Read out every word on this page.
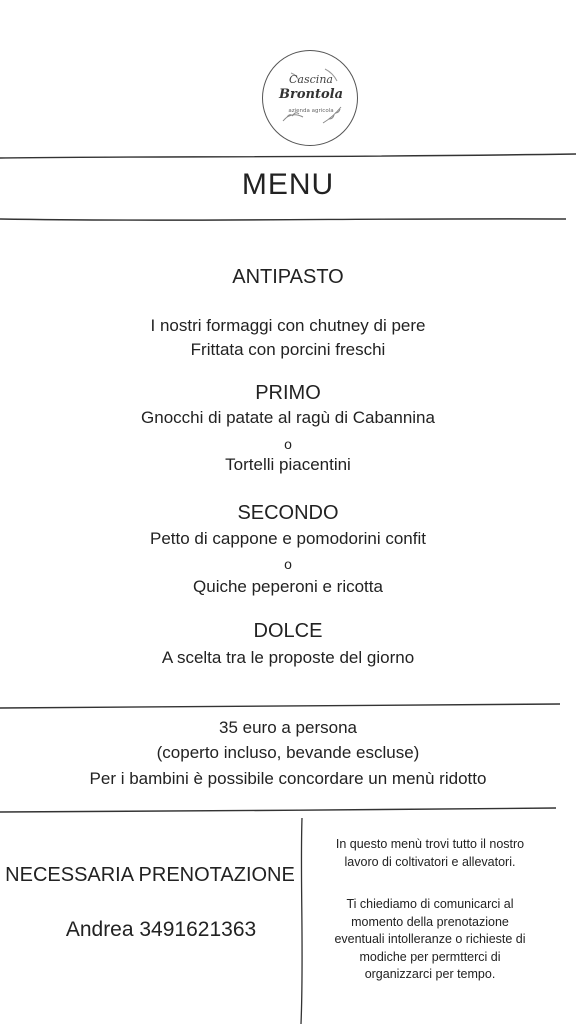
Cascina
Brontola
azienda agricola
MENU
ANTIPASTO
I nostri formaggi con chutney di pere
Frittata con porcini freschi
PRIMO
Gnocchi di patate al ragù di Cabannina
o
Tortelli piacentini
SECONDO
Petto di cappone e pomodorini confit
o
Quiche peperoni e ricotta
DOLCE
A scelta tra le proposte del giorno
35 euro a persona
(coperto incluso, bevande escluse)
Per i bambini è possibile concordare un menù ridotto
NECESSARIA PRENOTAZIONE
Andrea 3491621363
In questo menù trovi tutto il nostro
lavoro di coltivatori e allevatori.
Ti chiediamo di comunicarci al
momento della prenotazione
eventuali intolleranze o richieste di
modiche per permtterci di
organizzarci per tempo.
